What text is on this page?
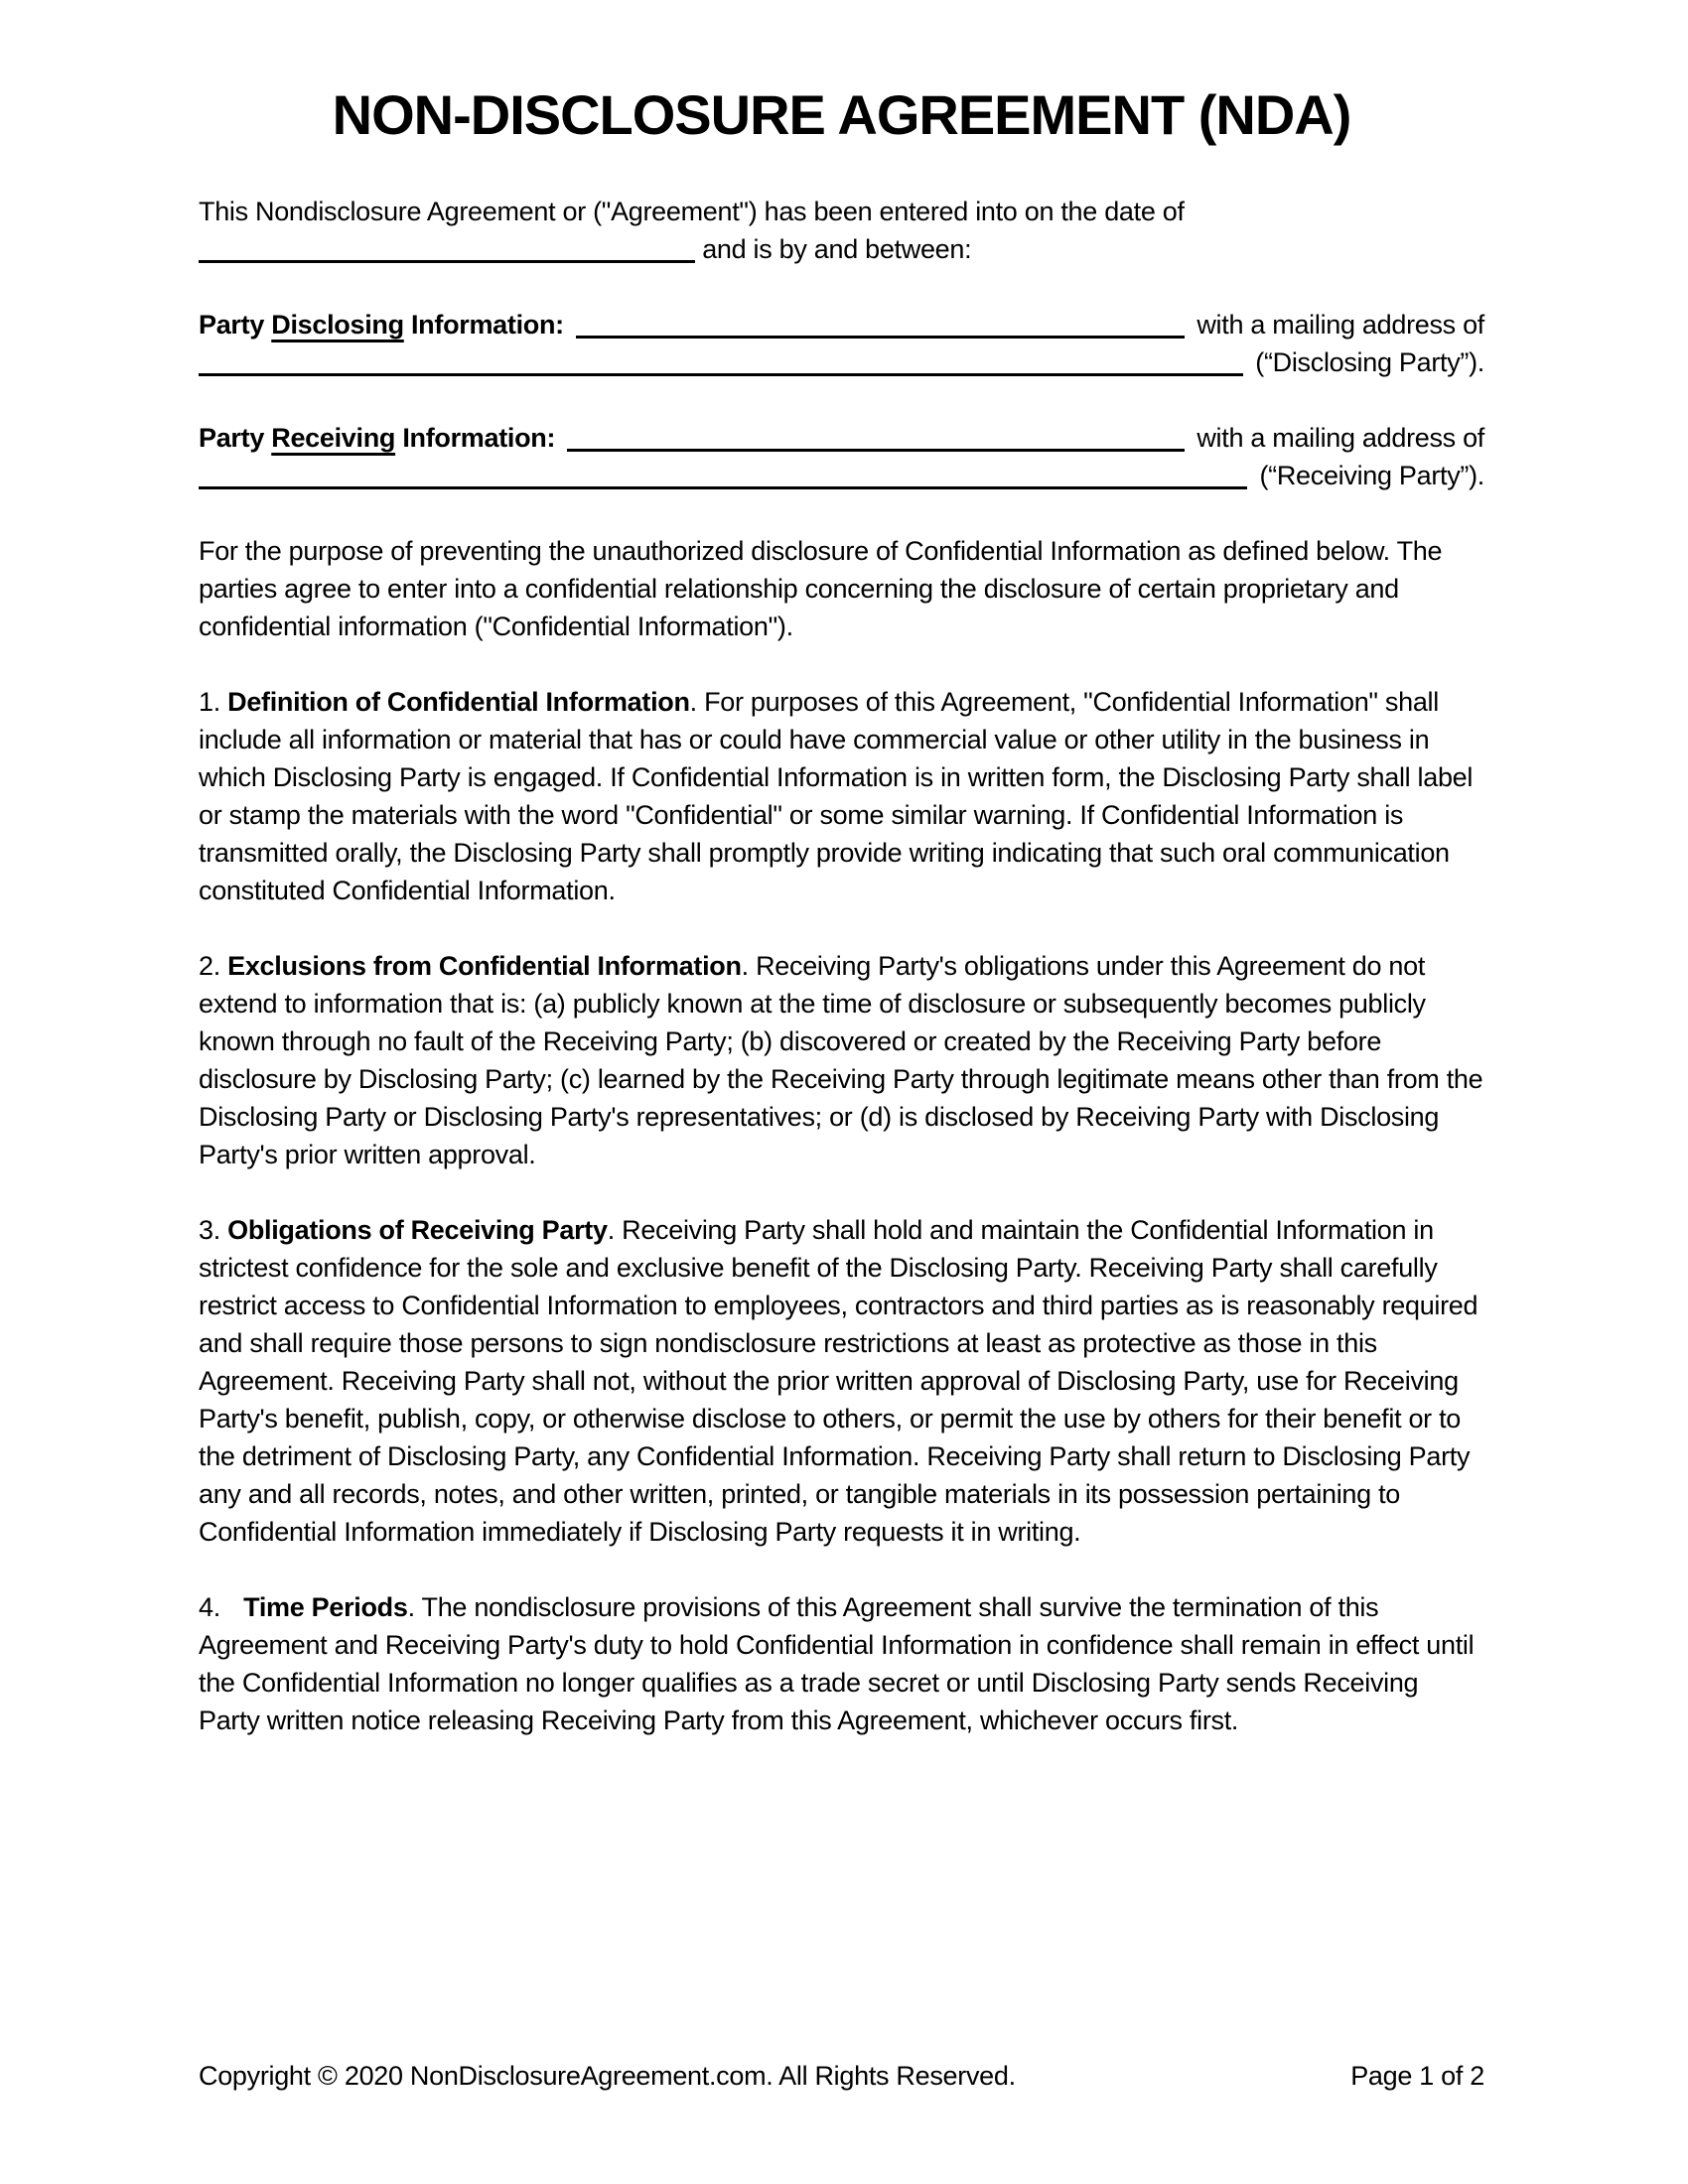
NON-DISCLOSURE AGREEMENT (NDA)

This Nondisclosure Agreement or ("Agreement") has been entered into on the date of
and is by and between:

Party Disclosing Information:	with a mailing address of
(“Disclosing Party”).
Party Receiving Information:	with a mailing address of
(“Receiving Party”).

For the purpose of preventing the unauthorized disclosure of Confidential Information as defined below. The parties agree to enter into a confidential relationship concerning the disclosure of certain proprietary and confidential information ("Confidential Information").

1. Definition of Confidential Information. For purposes of this Agreement, "Confidential Information" shall include all information or material that has or could have commercial value or other utility in the business in which Disclosing Party is engaged. If Confidential Information is in written form, the Disclosing Party shall label or stamp the materials with the word "Confidential" or some similar warning. If Confidential Information is transmitted orally, the Disclosing Party shall promptly provide writing indicating that such oral communication constituted Confidential Information.

2. Exclusions from Confidential Information. Receiving Party's obligations under this Agreement do not extend to information that is: (a) publicly known at the time of disclosure or subsequently becomes publicly known through no fault of the Receiving Party; (b) discovered or created by the Receiving Party before disclosure by Disclosing Party; (c) learned by the Receiving Party through legitimate means other than from the Disclosing Party or Disclosing Party's representatives; or (d) is disclosed by Receiving Party with Disclosing Party's prior written approval.

3. Obligations of Receiving Party. Receiving Party shall hold and maintain the Confidential Information in strictest confidence for the sole and exclusive benefit of the Disclosing Party. Receiving Party shall carefully restrict access to Confidential Information to employees, contractors and third parties as is reasonably required and shall require those persons to sign nondisclosure restrictions at least as protective as those in this Agreement. Receiving Party shall not, without the prior written approval of Disclosing Party, use for Receiving Party's benefit, publish, copy, or otherwise disclose to others, or permit the use by others for their benefit or to the detriment of Disclosing Party, any Confidential Information. Receiving Party shall return to Disclosing Party any and all records, notes, and other written, printed, or tangible materials in its possession pertaining to Confidential Information immediately if Disclosing Party requests it in writing.

4. Time Periods. The nondisclosure provisions of this Agreement shall survive the termination of this Agreement and Receiving Party's duty to hold Confidential Information in confidence shall remain in effect until the Confidential Information no longer qualifies as a trade secret or until Disclosing Party sends Receiving Party written notice releasing Receiving Party from this Agreement, whichever occurs first.

Copyright © 2020 NonDisclosureAgreement.com. All Rights Reserved.	Page 1 of 2
